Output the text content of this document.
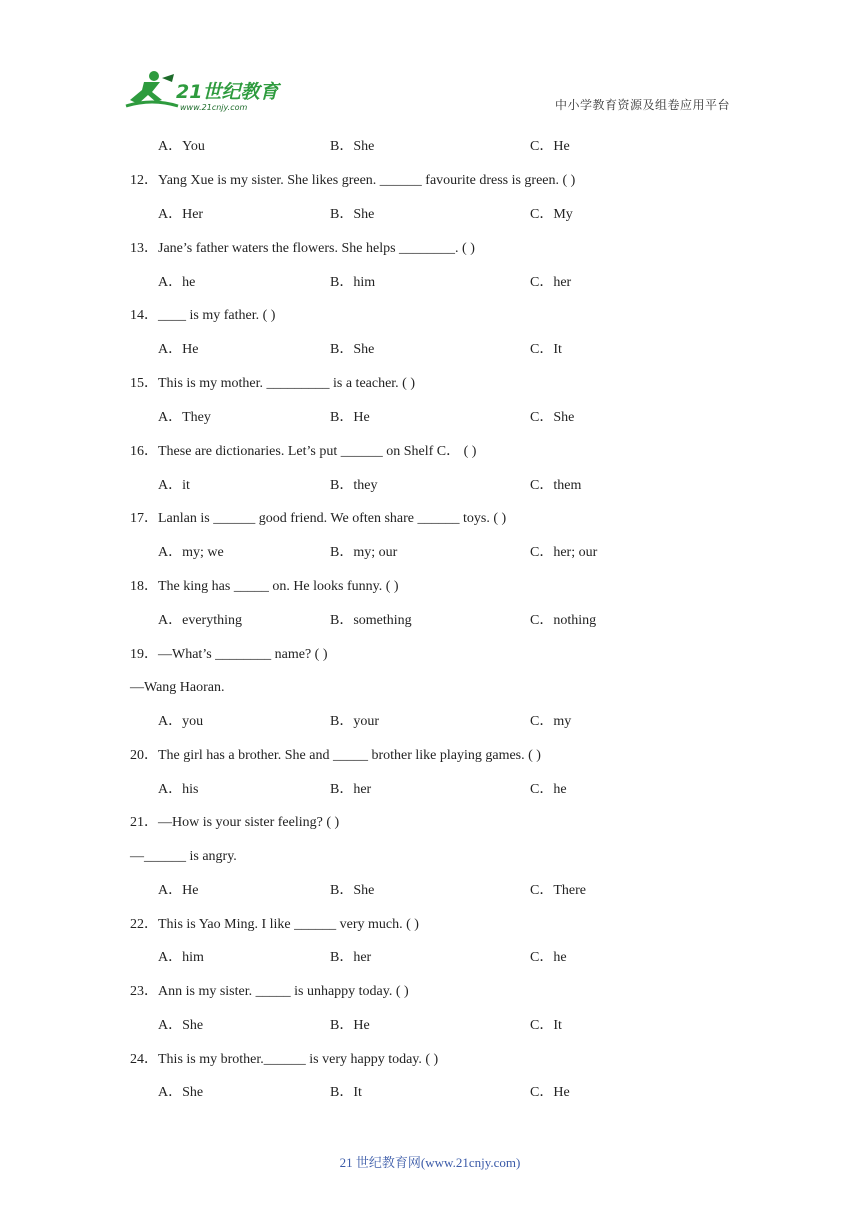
21世纪教育
www.21cnjy.com	中小学教育资源及组卷应用平台
A．You	B．She	C．He
12．Yang Xue is my sister. She likes green. ______ favourite dress is green. ( )
A．Her	B．She	C．My
13．Jane’s father waters the flowers. She helps ________. ( )
A．he	B．him	C．her
14．____ is my father. ( )
A．He	B．She	C．It
15．This is my mother. _________ is a teacher. ( )
A．They	B．He	C．She
16．These are dictionaries. Let’s put ______ on Shelf C． ( )
A．it	B．they	C．them
17．Lanlan is ______ good friend. We often share ______ toys. ( )
A．my; we	B．my; our	C．her; our
18．The king has _____ on. He looks funny. ( )
A．everything	B．something	C．nothing
19．—What’s ________ name? ( )
—Wang Haoran.
A．you	B．your	C．my
20．The girl has a brother. She and _____ brother like playing games. ( )
A．his	B．her	C．he
21．—How is your sister feeling? ( )
—______ is angry.
A．He	B．She	C．There
22．This is Yao Ming. I like ______ very much. ( )
A．him	B．her	C．he
23．Ann is my sister. _____ is unhappy today. ( )
A．She	B．He	C．It
24．This is my brother.______ is very happy today. ( )
A．She	B．It	C．He
21 世纪教育网(www.21cnjy.com)
